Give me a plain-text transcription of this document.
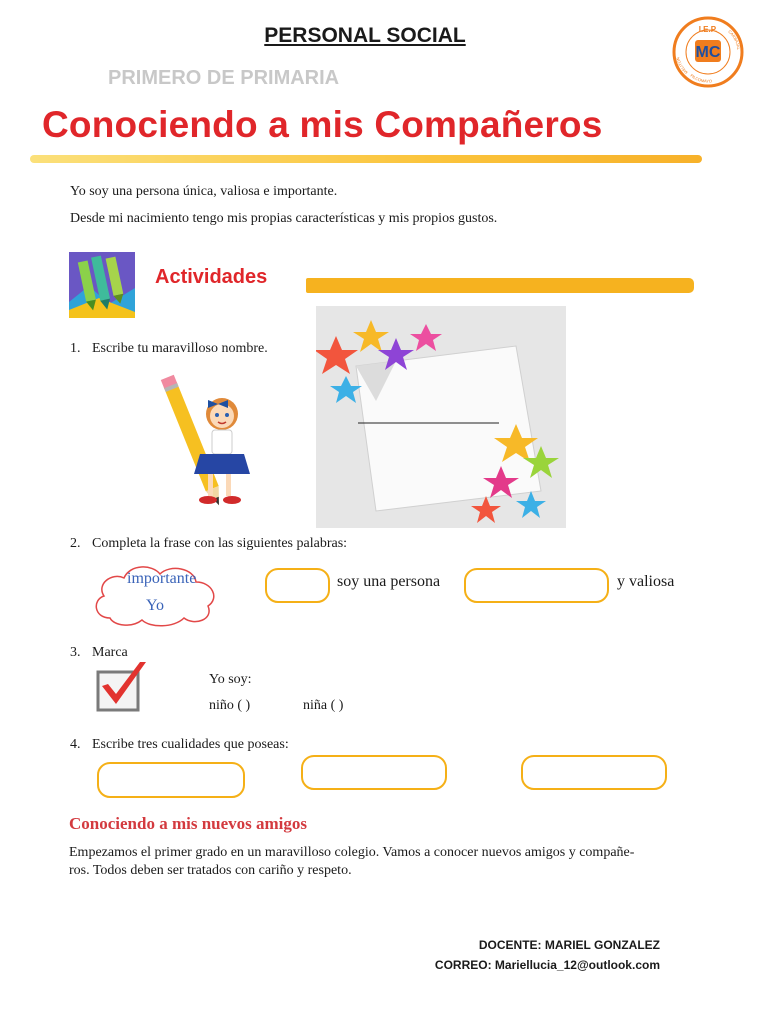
PERSONAL SOCIAL
PRIMERO DE PRIMARIA
I.E.P.
MC
MELITON
CARBAJAL
PILCOMAYO
Conociendo a mis Compañeros
Yo soy una persona única, valiosa e importante.
Desde mi nacimiento tengo mis propias características y mis propios gustos.
Actividades
1. Escribe tu maravilloso nombre.
2. Completa la frase con las siguientes palabras:
importante
Yo
soy una persona	y valiosa
3. Marca
Yo soy:
niño ( )	niña ( )
4. Escribe tres cualidades que poseas:
Conociendo a mis nuevos amigos
Empezamos el primer grado en un maravilloso colegio. Vamos a conocer nuevos amigos y compañe-
ros. Todos deben ser tratados con cariño y respeto.
DOCENTE: MARIEL GONZALEZ
CORREO: Mariellucia_12@outlook.com
